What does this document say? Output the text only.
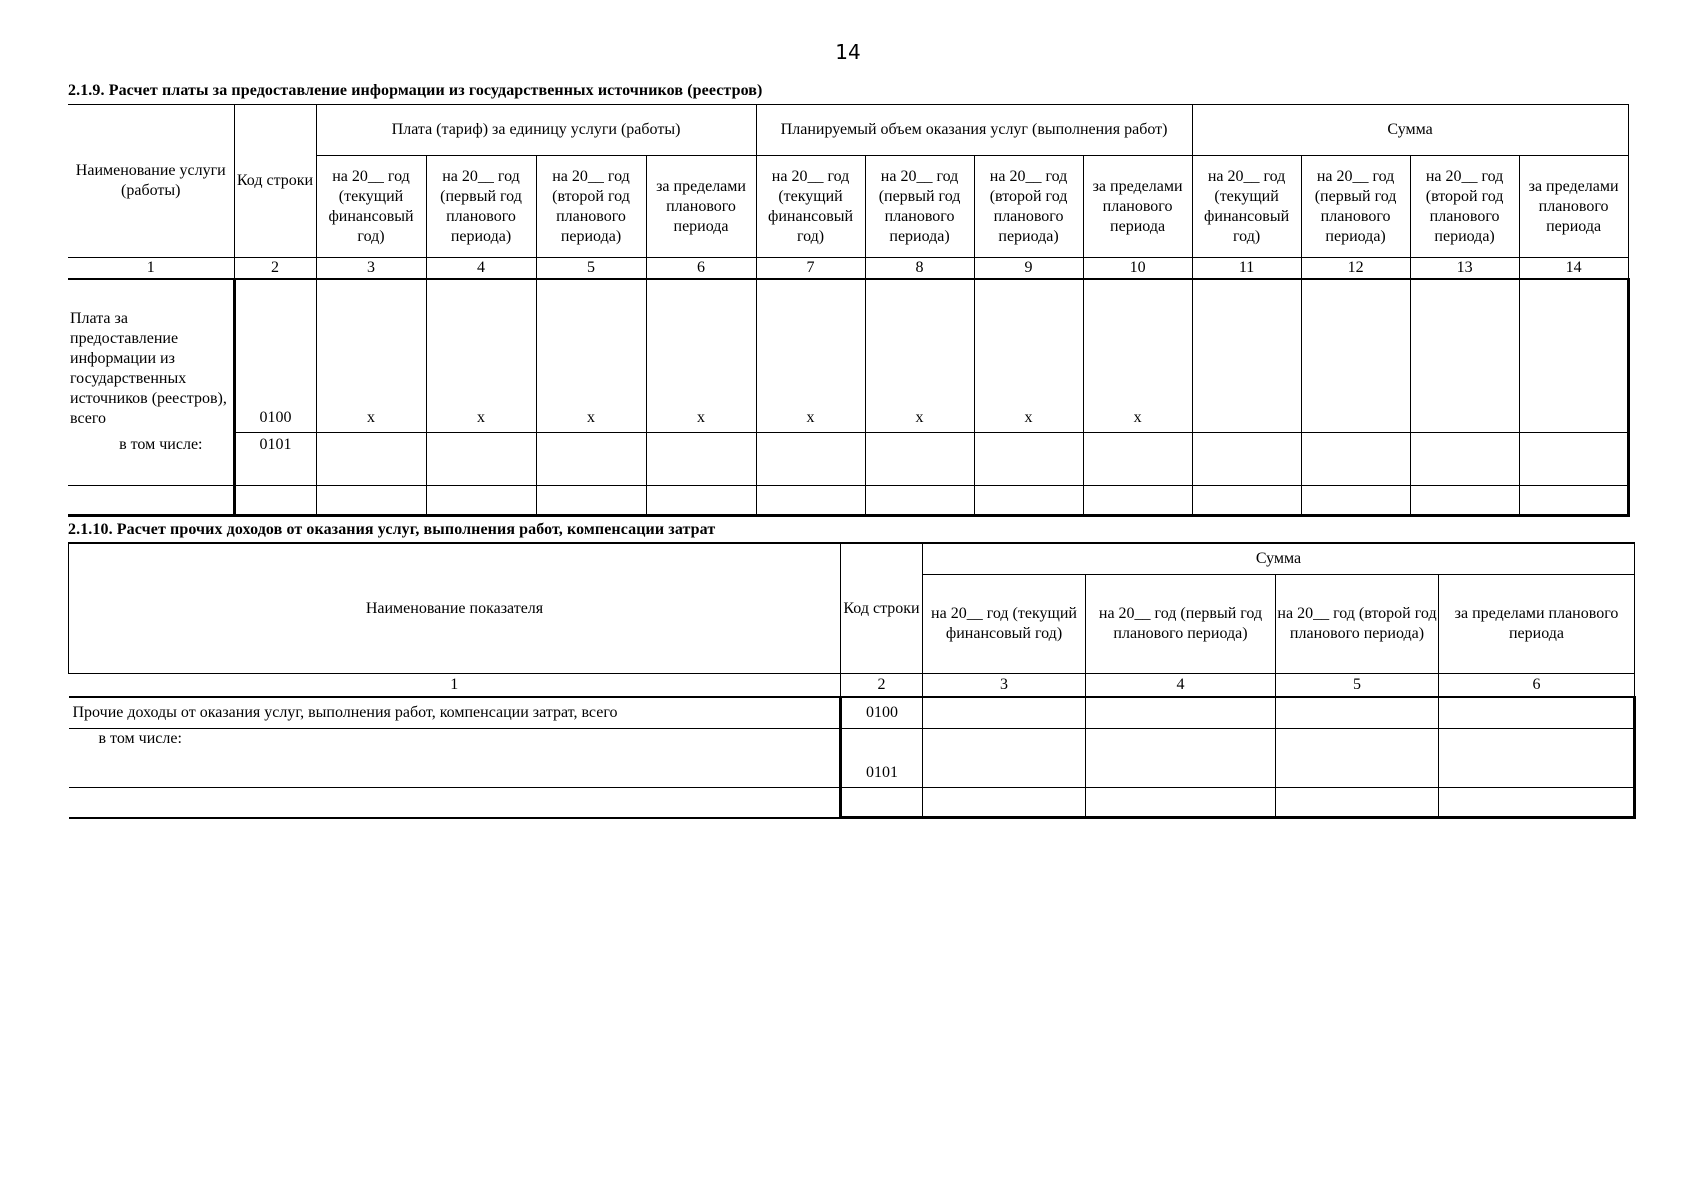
14
2.1.9. Расчет платы за предоставление информации из государственных источников (реестров)
Наименование услуги (работы)	Код строки	Плата (тариф) за единицу услуги (работы)				Планируемый объем оказания услуг (выполнения работ)				Сумма			
		на 20__ год (текущий финансовый год)	на 20__ год (первый год планового периода)	на 20__ год (второй год планового периода)	за пределами планового периода	на 20__ год (текущий финансовый год)	на 20__ год (первый год планового периода)	на 20__ год (второй год планового периода)	за пределами планового периода	на 20__ год (текущий финансовый год)	на 20__ год (первый год планового периода)	на 20__ год (второй год планового периода)	за пределами планового периода
1	2	3	4	5	6	7	8	9	10	11	12	13	14
Плата за предоставление информации из государственных источников (реестров), всего	0100	х	х	х	х	х	х	х	х				
в том числе:	0101												

2.1.10. Расчет прочих доходов от оказания услуг, выполнения работ, компенсации затрат
Наименование показателя	Код строки	Сумма			
		на 20__ год (текущий финансовый год)	на 20__ год (первый год планового периода)	на 20__ год (второй год планового периода)	за пределами планового периода
1	2	3	4	5	6
Прочие доходы от оказания услуг, выполнения работ, компенсации затрат, всего	0100				
в том числе:	0101				
